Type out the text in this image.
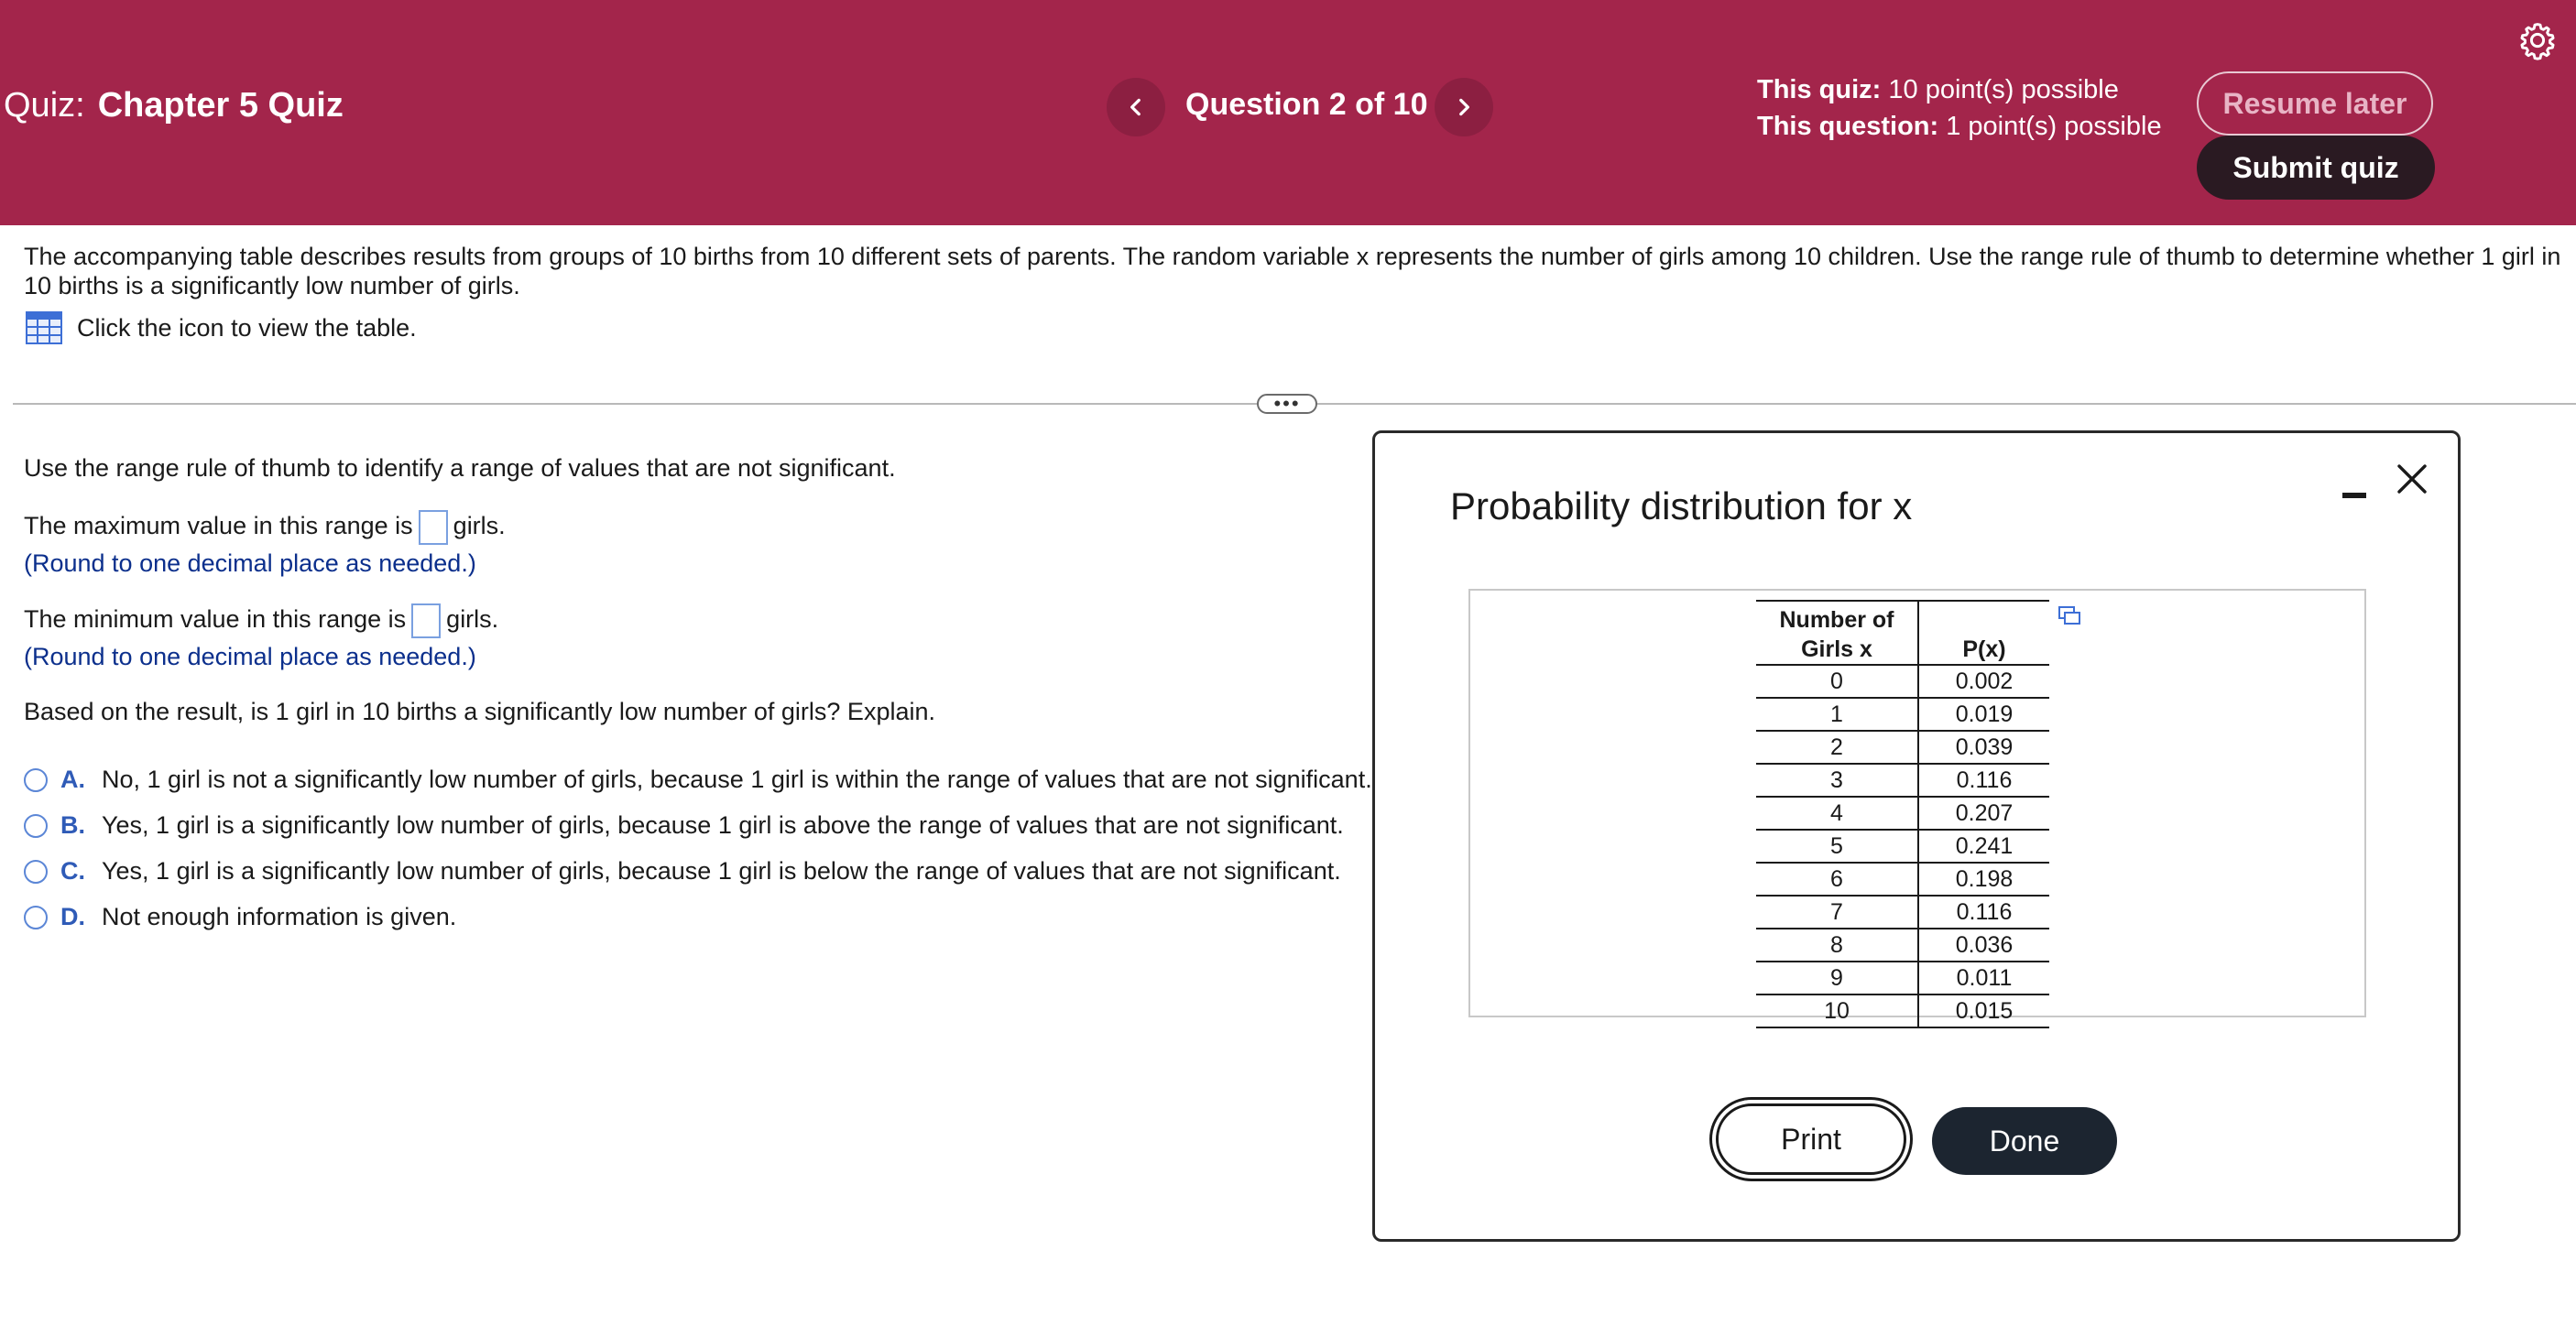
Quiz: Chapter 5 Quiz	Question 2 of 10	This quiz: 10 point(s) possible
This question: 1 point(s) possible
Resume later
Submit quiz
The accompanying table describes results from groups of 10 births from 10 different sets of parents. The random variable x represents the number of girls among 10 children. Use the range rule of thumb to determine whether 1 girl in 10 births is a significantly low number of girls.
Click the icon to view the table.
•••
Use the range rule of thumb to identify a range of values that are not significant.
The maximum value in this range is girls.
(Round to one decimal place as needed.)
The minimum value in this range is girls.
(Round to one decimal place as needed.)
Based on the result, is 1 girl in 10 births a significantly low number of girls? Explain.
A. No, 1 girl is not a significantly low number of girls, because 1 girl is within the range of values that are not significant.
B. Yes, 1 girl is a significantly low number of girls, because 1 girl is above the range of values that are not significant.
C. Yes, 1 girl is a significantly low number of girls, because 1 girl is below the range of values that are not significant.
D. Not enough information is given.
Probability distribution for x
Number of
Girls x	P(x)
0	0.002
1	0.019
2	0.039
3	0.116
4	0.207
5	0.241
6	0.198
7	0.116
8	0.036
9	0.011
10	0.015
Print	Done
